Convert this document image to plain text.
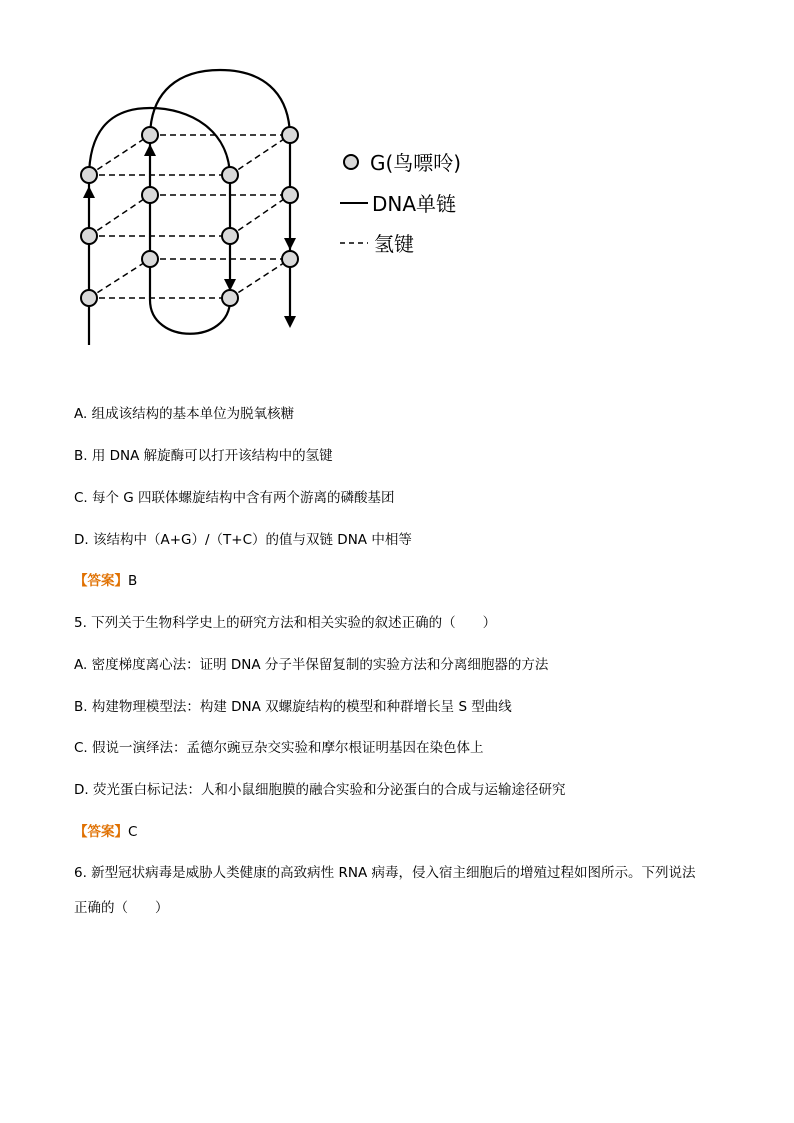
G(鸟嘌呤)
DNA单链
氢键
A. 组成该结构的基本单位为脱氧核糖
B. 用 DNA 解旋酶可以打开该结构中的氢键
C. 每个 G 四联体螺旋结构中含有两个游离的磷酸基团
D. 该结构中（A+G）/（T+C）的值与双链 DNA 中相等
【答案】B
5. 下列关于生物科学史上的研究方法和相关实验的叙述正确的（　　）
A. 密度梯度离心法：证明 DNA 分子半保留复制的实验方法和分离细胞器的方法
B. 构建物理模型法：构建 DNA 双螺旋结构的模型和种群增长呈 S 型曲线
C. 假说一演绎法：孟德尔豌豆杂交实验和摩尔根证明基因在染色体上
D. 荧光蛋白标记法：人和小鼠细胞膜的融合实验和分泌蛋白的合成与运输途径研究
【答案】C
6. 新型冠状病毒是威胁人类健康的高致病性 RNA 病毒，侵入宿主细胞后的增殖过程如图所示。下列说法
正确的（　　）
